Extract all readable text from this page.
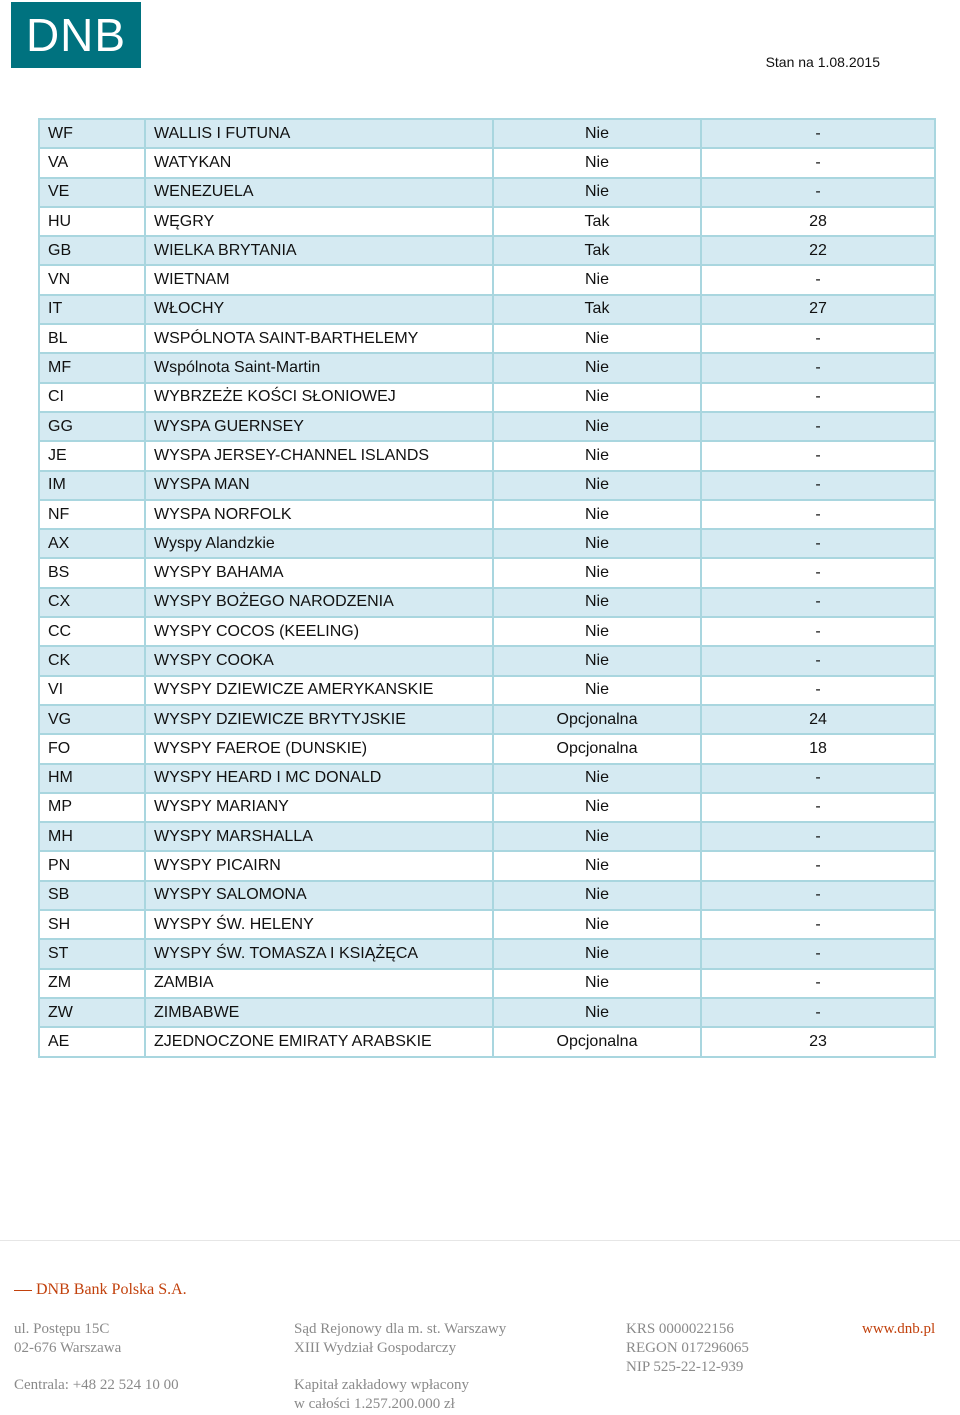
DNB
Stan na 1.08.2015
WF	WALLIS I FUTUNA	Nie	-
VA	WATYKAN	Nie	-
VE	WENEZUELA	Nie	-
HU	WĘGRY	Tak	28
GB	WIELKA BRYTANIA	Tak	22
VN	WIETNAM	Nie	-
IT	WŁOCHY	Tak	27
BL	WSPÓLNOTA SAINT-BARTHELEMY	Nie	-
MF	Wspólnota Saint-Martin	Nie	-
CI	WYBRZEŻE KOŚCI SŁONIOWEJ	Nie	-
GG	WYSPA GUERNSEY	Nie	-
JE	WYSPA JERSEY-CHANNEL ISLANDS	Nie	-
IM	WYSPA MAN	Nie	-
NF	WYSPA NORFOLK	Nie	-
AX	Wyspy Alandzkie	Nie	-
BS	WYSPY BAHAMA	Nie	-
CX	WYSPY BOŻEGO NARODZENIA	Nie	-
CC	WYSPY COCOS (KEELING)	Nie	-
CK	WYSPY COOKA	Nie	-
VI	WYSPY DZIEWICZE AMERYKANSKIE	Nie	-
VG	WYSPY DZIEWICZE BRYTYJSKIE	Opcjonalna	24
FO	WYSPY FAEROE (DUNSKIE)	Opcjonalna	18
HM	WYSPY HEARD I MC DONALD	Nie	-
MP	WYSPY MARIANY	Nie	-
MH	WYSPY MARSHALLA	Nie	-
PN	WYSPY PICAIRN	Nie	-
SB	WYSPY SALOMONA	Nie	-
SH	WYSPY ŚW. HELENY	Nie	-
ST	WYSPY ŚW. TOMASZA I KSIĄŻĘCA	Nie	-
ZM	ZAMBIA	Nie	-
ZW	ZIMBABWE	Nie	-
AE	ZJEDNOCZONE EMIRATY ARABSKIE	Opcjonalna	23
DNB Bank Polska S.A.
ul. Postępu 15C
02-676 Warszawa
Centrala: +48 22 524 10 00
Sąd Rejonowy dla m. st. Warszawy
XIII Wydział Gospodarczy
Kapitał zakładowy wpłacony
w całości 1.257.200.000 zł
KRS 0000022156
REGON 017296065
NIP 525-22-12-939
www.dnb.pl
